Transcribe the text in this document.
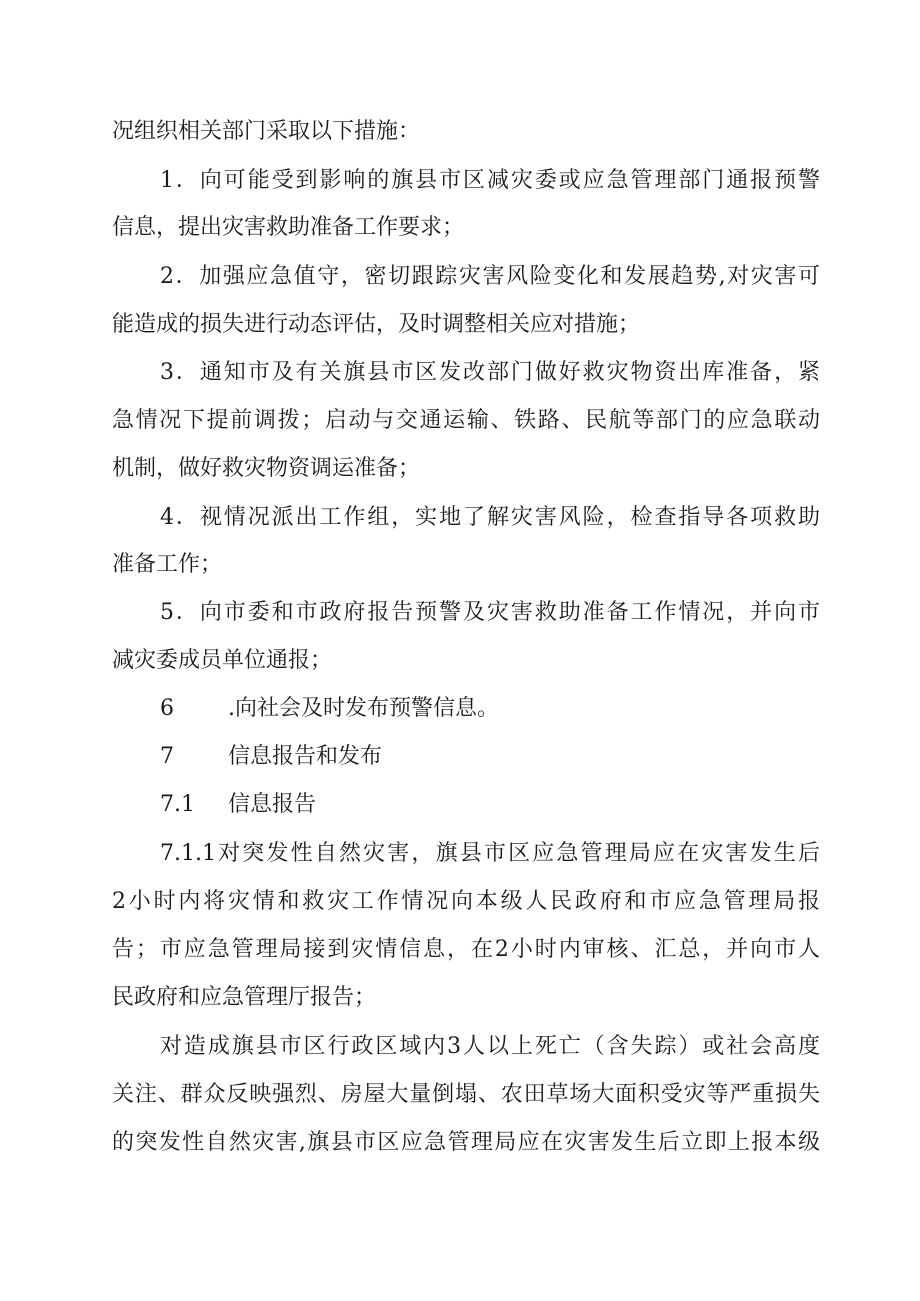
况组织相关部门采取以下措施：
1．向可能受到影响的旗县市区减灾委或应急管理部门通报预警
信息，提出灾害救助准备工作要求；
2．加强应急值守，密切跟踪灾害风险变化和发展趋势,对灾害可
能造成的损失进行动态评估，及时调整相关应对措施；
3．通知市及有关旗县市区发改部门做好救灾物资出库准备，紧
急情况下提前调拨；启动与交通运输、铁路、民航等部门的应急联动
机制，做好救灾物资调运准备；
4．视情况派出工作组，实地了解灾害风险，检查指导各项救助
准备工作；
5．向市委和市政府报告预警及灾害救助准备工作情况，并向市
减灾委成员单位通报；
6 .向社会及时发布预警信息。
7 信息报告和发布
7.1 信息报告
7.1.1对突发性自然灾害，旗县市区应急管理局应在灾害发生后
2小时内将灾情和救灾工作情况向本级人民政府和市应急管理局报
告；市应急管理局接到灾情信息，在2小时内审核、汇总，并向市人
民政府和应急管理厅报告；
对造成旗县市区行政区域内3人以上死亡（含失踪）或社会高度
关注、群众反映强烈、房屋大量倒塌、农田草场大面积受灾等严重损失
的突发性自然灾害,旗县市区应急管理局应在灾害发生后立即上报本级
